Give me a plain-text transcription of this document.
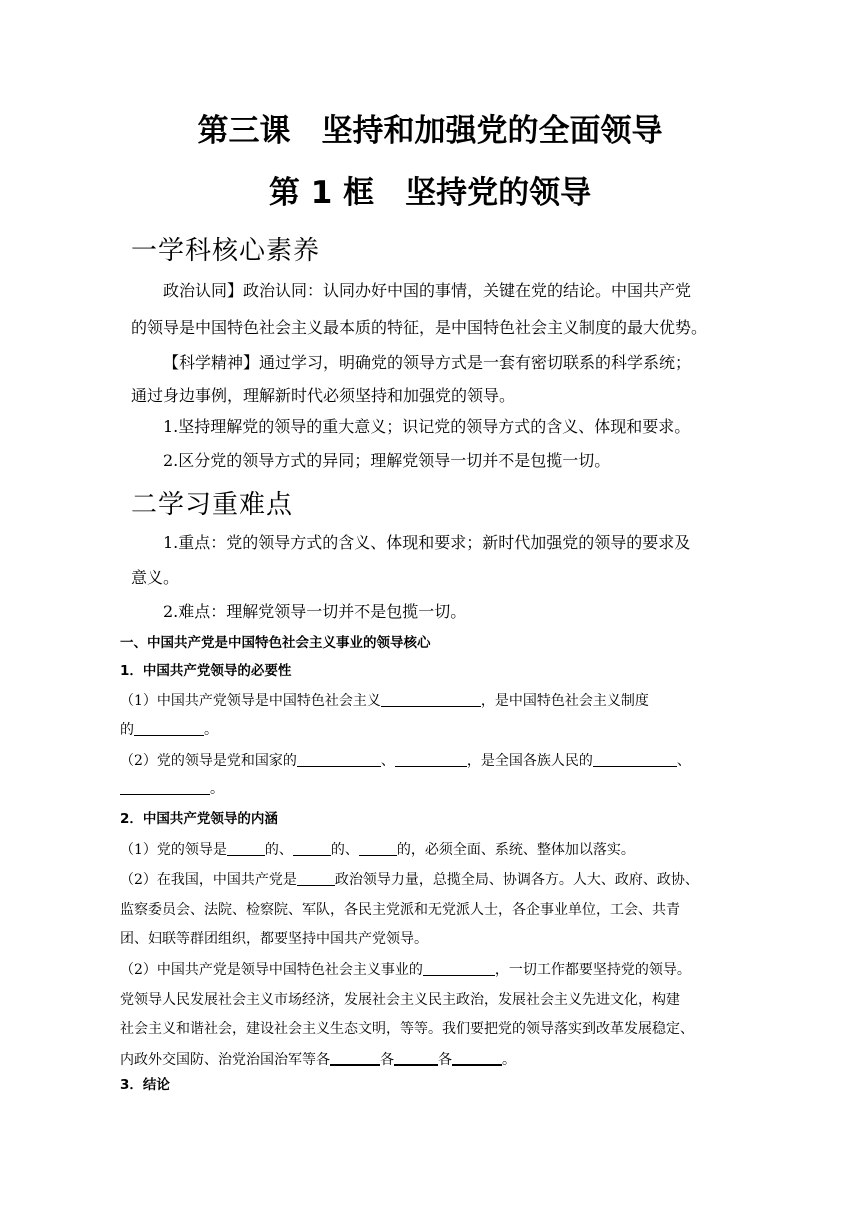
第三课　坚持和加强党的全面领导
第 1 框　坚持党的领导
一学科核心素养
政治认同】政治认同：认同办好中国的事情，关键在党的结论。中国共产党
的领导是中国特色社会主义最本质的特征，是中国特色社会主义制度的最大优势。
【科学精神】通过学习，明确党的领导方式是一套有密切联系的科学系统；
通过身边事例，理解新时代必须坚持和加强党的领导。
1.坚持理解党的领导的重大意义；识记党的领导方式的含义、体现和要求。
2.区分党的领导方式的异同；理解党领导一切并不是包揽一切。
二学习重难点
1.重点：党的领导方式的含义、体现和要求；新时代加强党的领导的要求及
意义。
2.难点：理解党领导一切并不是包揽一切。
一、中国共产党是中国特色社会主义事业的领导核心
1．中国共产党领导的必要性
（1）中国共产党领导是中国特色社会主义	，是中国特色社会主义制度
的	。
（2）党的领导是党和国家的	、	，是全国各族人民的	、
。
2．中国共产党领导的内涵
（1）党的领导是	的、	的、	的，必须全面、系统、整体加以落实。
（2）在我国，中国共产党是	政治领导力量，总揽全局、协调各方。人大、政府、政协、
监察委员会、法院、检察院、军队，各民主党派和无党派人士，各企事业单位，工会、共青
团、妇联等群团组织，都要坚持中国共产党领导。
（2）中国共产党是领导中国特色社会主义事业的	，一切工作都要坚持党的领导。
党领导人民发展社会主义市场经济，发展社会主义民主政治，发展社会主义先进文化，构建
社会主义和谐社会，建设社会主义生态文明，等等。我们要把党的领导落实到改革发展稳定、
内政外交国防、治党治国治军等各	各	各	。
3．结论
